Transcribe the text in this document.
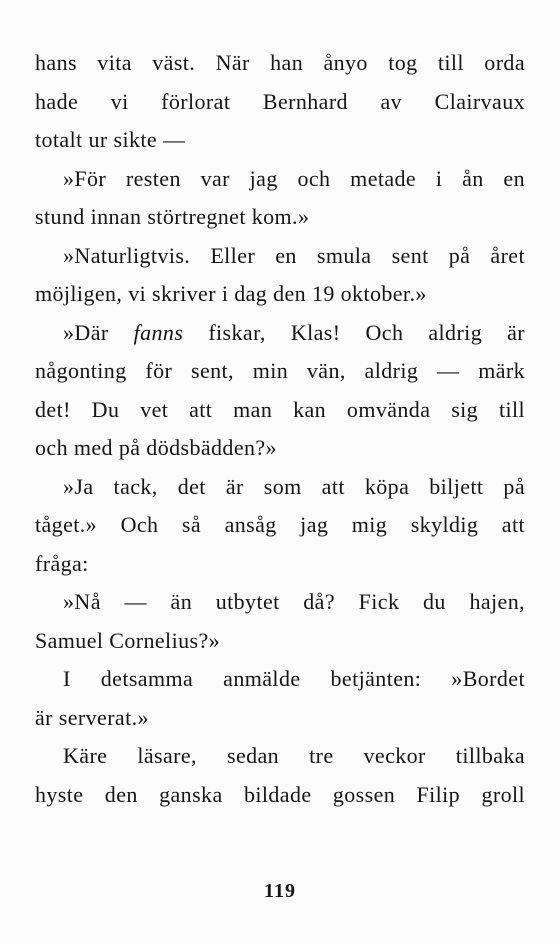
hans vita väst. När han ånyo tog till orda
hade vi förlorat Bernhard av Clairvaux
totalt ur sikte —
»För resten var jag och metade i ån en
stund innan störtregnet kom.»
»Naturligtvis. Eller en smula sent på året
möjligen, vi skriver i dag den 19 oktober.»
»Där fanns fiskar, Klas! Och aldrig är
någonting för sent, min vän, aldrig — märk
det! Du vet att man kan omvända sig till
och med på dödsbädden?»
»Ja tack, det är som att köpa biljett på
tåget.» Och så ansåg jag mig skyldig att
fråga:
»Nå — än utbytet då? Fick du hajen,
Samuel Cornelius?»
I detsamma anmälde betjänten: »Bordet
är serverat.»
Käre läsare, sedan tre veckor tillbaka
hyste den ganska bildade gossen Filip groll
119
